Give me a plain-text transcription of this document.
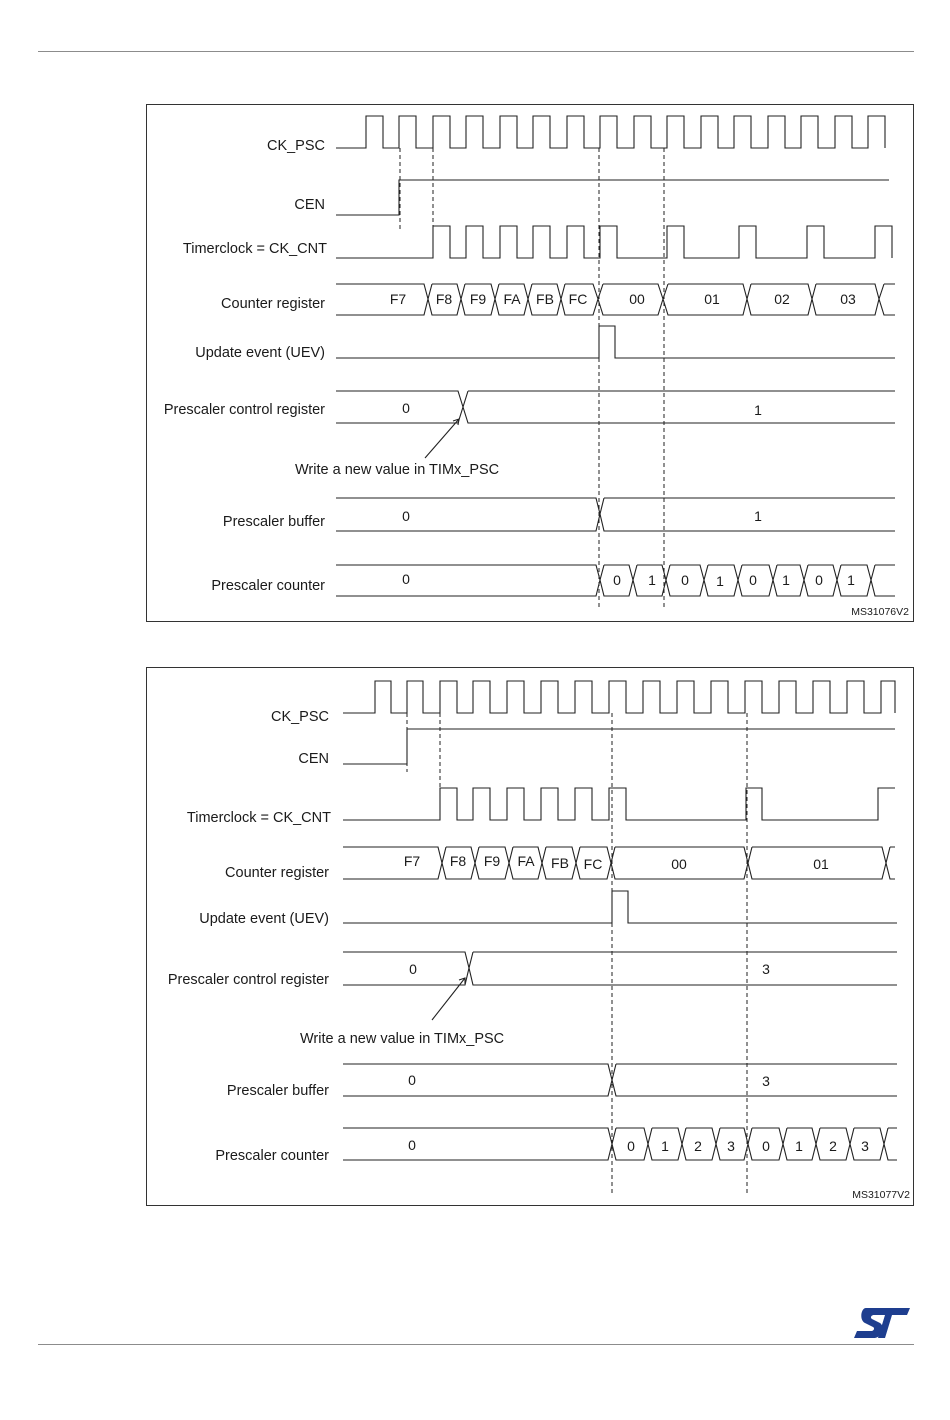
CK_PSC
CEN
Timerclock = CK_CNT
Counter register
Update event (UEV)
Prescaler control register
Prescaler buffer
Prescaler counter
F7 F8 F9 FA FB FC	00	01	02	03
0	1
0	1
0	0 1 0 1 0 1 0 1
Write a new value in TIMx_PSC
MS31076V2
CK_PSC
CEN
Timerclock = CK_CNT
Counter register
Update event (UEV)
Prescaler control register
Prescaler buffer
Prescaler counter
F7 F8 F9 FA FB FC	00	01
0	3
0	3
0	0 1 2 3 0 1 2 3
Write a new value in TIMx_PSC
MS31077V2
